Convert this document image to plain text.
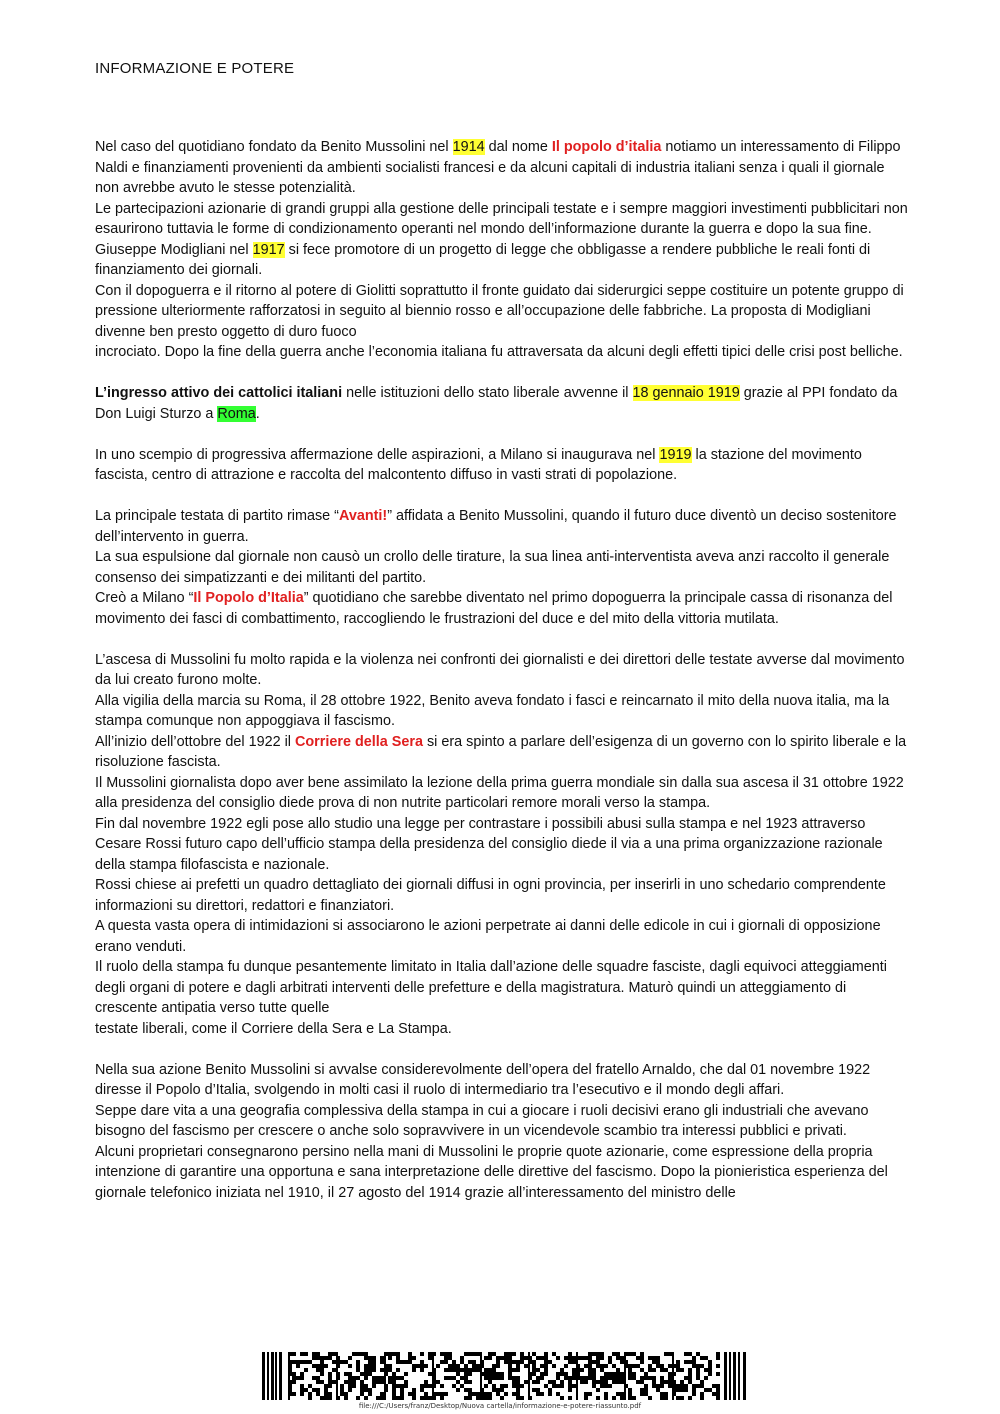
INFORMAZIONE E POTERE

Nel caso del quotidiano fondato da Benito Mussolini nel 1914 dal nome Il popolo d’italia notiamo un interessamento di Filippo Naldi e finanziamenti provenienti da ambienti socialisti francesi e da alcuni capitali di industria italiani senza i quali il giornale non avrebbe avuto le stesse potenzialità.

Le partecipazioni azionarie di grandi gruppi alla gestione delle principali testate e i sempre maggiori investimenti pubblicitari non esaurirono tuttavia le forme di condizionamento operanti nel mondo dell’informazione durante la guerra e dopo la sua fine.

Giuseppe Modigliani nel 1917 si fece promotore di un progetto di legge che obbligasse a rendere pubbliche le reali fonti di finanziamento dei giornali.

Con il dopoguerra e il ritorno al potere di Giolitti soprattutto il fronte guidato dai siderurgici seppe costituire un potente gruppo di pressione ulteriormente rafforzatosi in seguito al biennio rosso e all’occupazione delle fabbriche. La proposta di Modigliani divenne ben presto oggetto di duro fuoco

incrociato. Dopo la fine della guerra anche l’economia italiana fu attraversata da alcuni degli effetti tipici delle crisi post belliche.

L’ingresso attivo dei cattolici italiani nelle istituzioni dello stato liberale avvenne il 18 gennaio 1919 grazie al PPI fondato da Don Luigi Sturzo a Roma.

In uno scempio di progressiva affermazione delle aspirazioni, a Milano si inaugurava nel 1919 la stazione del movimento fascista, centro di attrazione e raccolta del malcontento diffuso in vasti strati di popolazione.

La principale testata di partito rimase “Avanti!” affidata a Benito Mussolini, quando il futuro duce diventò un deciso sostenitore dell’intervento in guerra.

La sua espulsione dal giornale non causò un crollo delle tirature, la sua linea anti-interventista aveva anzi raccolto il generale consenso dei simpatizzanti e dei militanti del partito.

Creò a Milano “Il Popolo d’Italia” quotidiano che sarebbe diventato nel primo dopoguerra la principale cassa di risonanza del movimento dei fasci di combattimento, raccogliendo le frustrazioni del duce e del mito della vittoria mutilata.

L’ascesa di Mussolini fu molto rapida e la violenza nei confronti dei giornalisti e dei direttori delle testate avverse dal movimento da lui creato furono molte.

Alla vigilia della marcia su Roma, il 28 ottobre 1922, Benito aveva fondato i fasci e reincarnato il mito della nuova italia, ma la stampa comunque non appoggiava il fascismo.

All’inizio dell’ottobre del 1922 il Corriere della Sera si era spinto a parlare dell’esigenza di un governo con lo spirito liberale e la risoluzione fascista.

Il Mussolini giornalista dopo aver bene assimilato la lezione della prima guerra mondiale sin dalla sua ascesa il 31 ottobre 1922 alla presidenza del consiglio diede prova di non nutrite particolari remore morali verso la stampa.

Fin dal novembre 1922 egli pose allo studio una legge per contrastare i possibili abusi sulla stampa e nel 1923 attraverso Cesare Rossi futuro capo dell’ufficio stampa della presidenza del consiglio diede il via a una prima organizzazione razionale della stampa filofascista e nazionale.

Rossi chiese ai prefetti un quadro dettagliato dei giornali diffusi in ogni provincia, per inserirli in uno schedario comprendente informazioni su direttori, redattori e finanziatori.

A questa vasta opera di intimidazioni si associarono le azioni perpetrate ai danni delle edicole in cui i giornali di opposizione erano venduti.

Il ruolo della stampa fu dunque pesantemente limitato in Italia dall’azione delle squadre fasciste, dagli equivoci atteggiamenti degli organi di potere e dagli arbitrati interventi delle prefetture e della magistratura. Maturò quindi un atteggiamento di crescente antipatia verso tutte quelle

testate liberali, come il Corriere della Sera e La Stampa.

Nella sua azione Benito Mussolini si avvalse considerevolmente dell’opera del fratello Arnaldo, che dal 01 novembre 1922 diresse il Popolo d’Italia, svolgendo in molti casi il ruolo di intermediario tra l’esecutivo e il mondo degli affari.

Seppe dare vita a una geografia complessiva della stampa in cui a giocare i ruoli decisivi erano gli industriali che avevano bisogno del fascismo per crescere o anche solo sopravvivere in un vicendevole scambio tra interessi pubblici e privati.

Alcuni proprietari consegnarono persino nella mani di Mussolini le proprie quote azionarie, come espressione della propria intenzione di garantire una opportuna e sana interpretazione delle direttive del fascismo. Dopo la pionieristica esperienza del giornale telefonico iniziata nel 1910, il 27 agosto del 1914 grazie all’interessamento del ministro delle

file:///C:/Users/franz/Desktop/Nuova cartella/informazione-e-potere-riassunto.pdf
